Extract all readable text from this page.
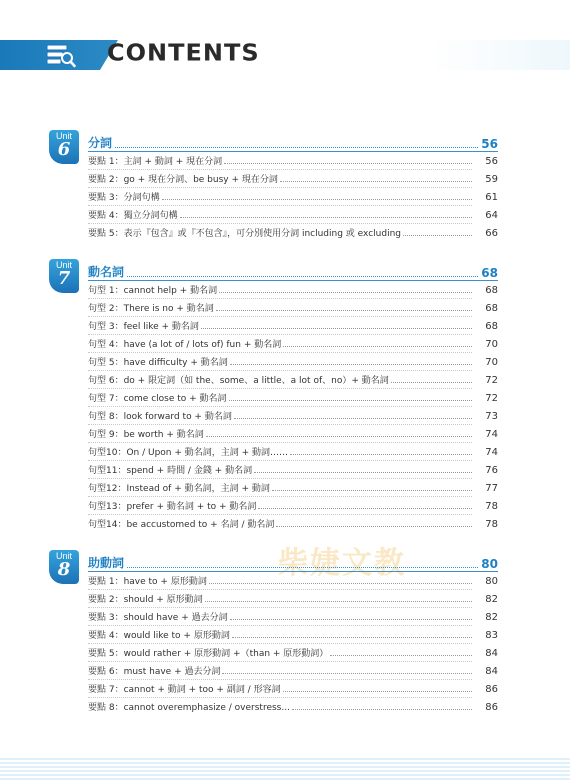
CONTENTS
柴婕文教
Unit
6	分詞	56
要點 1：主詞 + 動詞 + 現在分詞	56
要點 2：go + 現在分詞、be busy + 現在分詞	59
要點 3：分詞句構	61
要點 4：獨立分詞句構	64
要點 5：表示『包含』或『不包含』，可分別使用分詞 including 或 excluding	66
Unit
7	動名詞	68
句型 1：cannot help + 動名詞	68
句型 2：There is no + 動名詞	68
句型 3：feel like + 動名詞	68
句型 4：have (a lot of / lots of) fun + 動名詞	70
句型 5：have difficulty + 動名詞	70
句型 6：do + 限定詞（如 the、some、a little、a lot of、no）+ 動名詞	72
句型 7：come close to + 動名詞	72
句型 8：look forward to + 動名詞	73
句型 9：be worth + 動名詞	74
句型10：On / Upon + 動名詞，主詞 + 動詞……	74
句型11：spend + 時間 / 金錢 + 動名詞	76
句型12：Instead of + 動名詞，主詞 + 動詞	77
句型13：prefer + 動名詞 + to + 動名詞	78
句型14：be accustomed to + 名詞 / 動名詞	78
Unit
8	助動詞	80
要點 1：have to + 原形動詞	80
要點 2：should + 原形動詞	82
要點 3：should have + 過去分詞	82
要點 4：would like to + 原形動詞	83
要點 5：would rather + 原形動詞 +（than + 原形動詞）	84
要點 6：must have + 過去分詞	84
要點 7：cannot + 動詞 + too + 副詞 / 形容詞	86
要點 8：cannot overemphasize / overstress...	86
